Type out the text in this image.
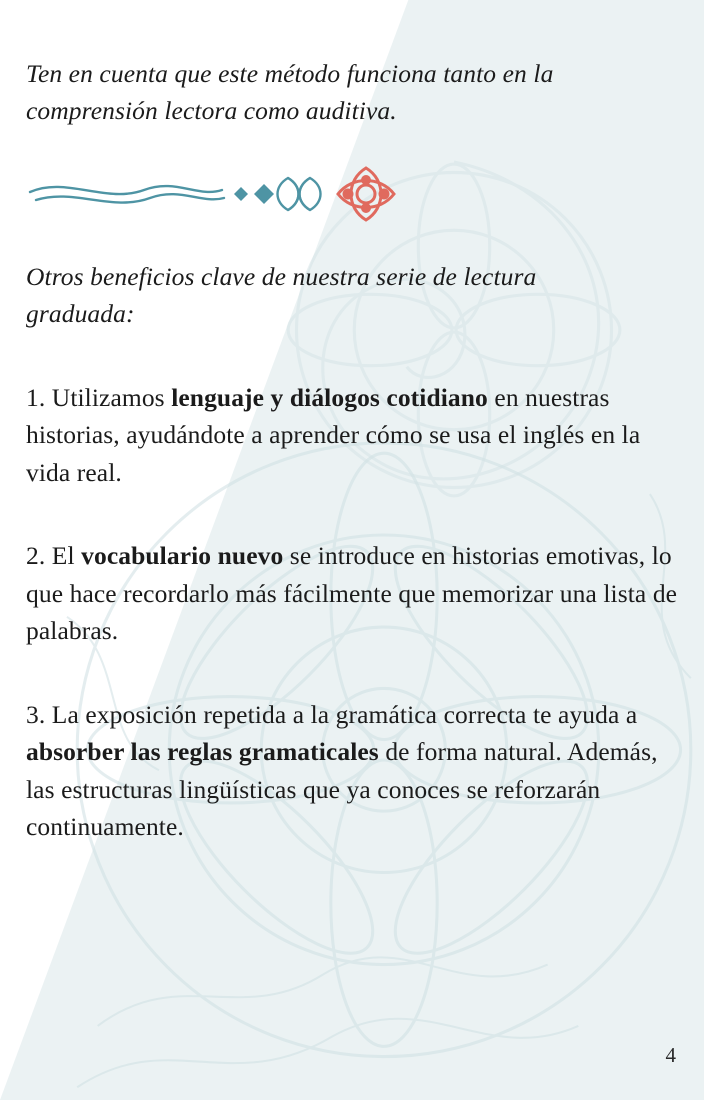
Ten en cuenta que este método funciona tanto en la comprensión lectora como auditiva.

Otros beneficios clave de nuestra serie de lectura graduada:

1. Utilizamos lenguaje y diálogos cotidiano en nuestras historias, ayudándote a aprender cómo se usa el inglés en la vida real.

2. El vocabulario nuevo se introduce en historias emotivas, lo que hace recordarlo más fácilmente que memorizar una lista de palabras.

3. La exposición repetida a la gramática correcta te ayuda a absorber las reglas gramaticales de forma natural. Además, las estructuras lingüísticas que ya conoces se reforzarán continuamente.

4
